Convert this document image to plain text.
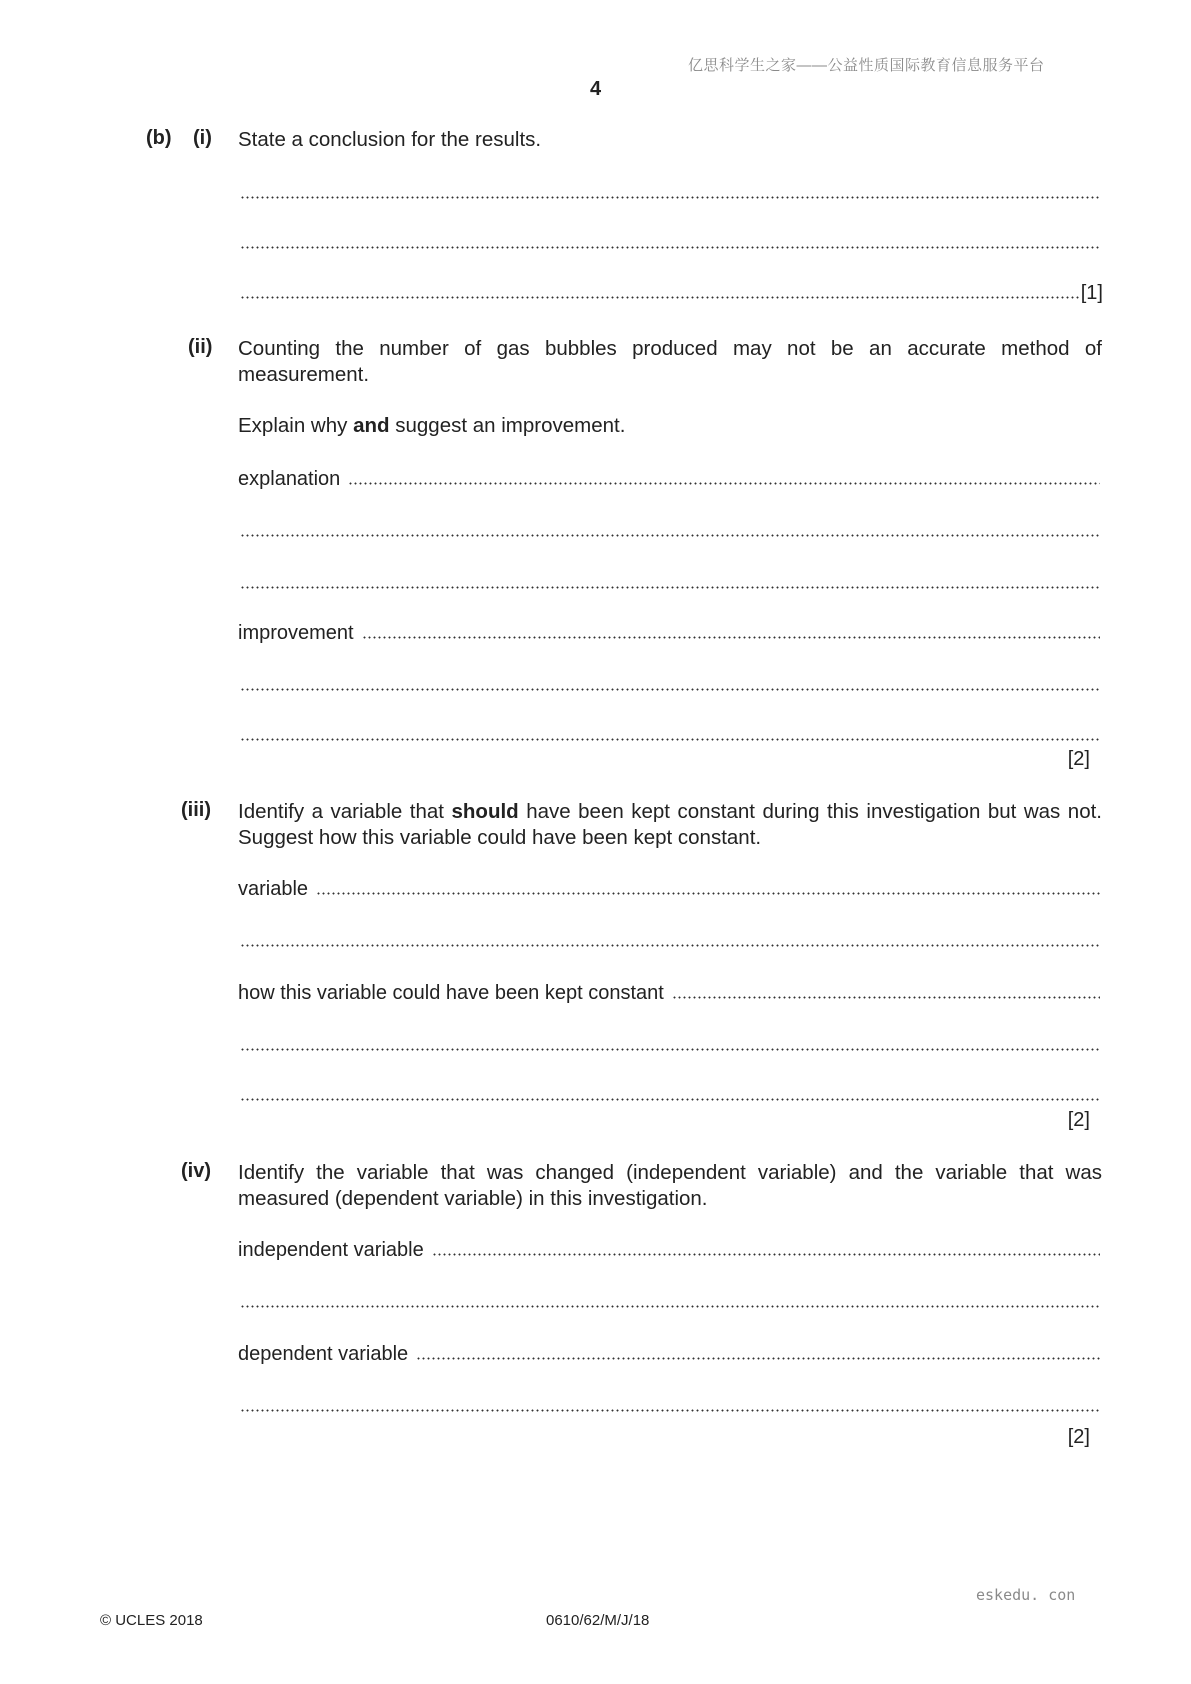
亿思科学生之家——公益性质国际教育信息服务平台
4
(b) (i) State a conclusion for the results.
[1]
(ii) Counting the number of gas bubbles produced may not be an accurate method of measurement.
Explain why and suggest an improvement.
explanation
improvement
[2]
(iii) Identify a variable that should have been kept constant during this investigation but was not. Suggest how this variable could have been kept constant.
variable
how this variable could have been kept constant
[2]
(iv) Identify the variable that was changed (independent variable) and the variable that was measured (dependent variable) in this investigation.
independent variable
dependent variable
[2]
eskedu. con
© UCLES 2018	0610/62/M/J/18
